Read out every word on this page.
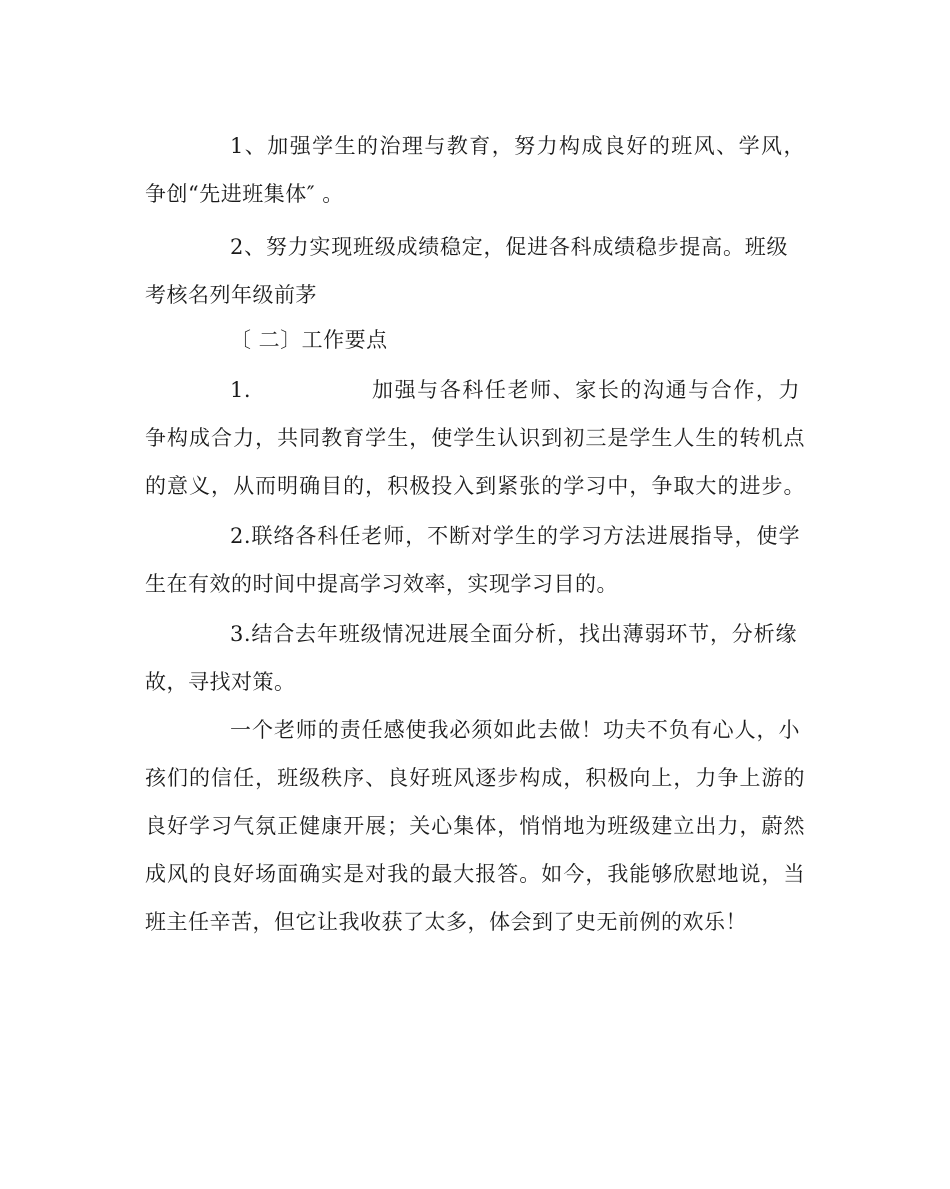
1、加强学生的治理与教育，努力构成良好的班风、学风，
争创“先进班集体″ 。
2、努力实现班级成绩稳定，促进各科成绩稳步提高。班级
考核名列年级前茅
〔 二〕工作要点
1.	加强与各科任老师、家长的沟通与合作，力
争构成合力，共同教育学生，使学生认识到初三是学生人生的转机点
的意义，从而明确目的，积极投入到紧张的学习中，争取大的进步。
2.联络各科任老师，不断对学生的学习方法进展指导，使学
生在有效的时间中提高学习效率，实现学习目的。
3.结合去年班级情况进展全面分析，找出薄弱环节，分析缘
故，寻找对策。
一个老师的责任感使我必须如此去做！功夫不负有心人，小
孩们的信任，班级秩序、良好班风逐步构成，积极向上，力争上游的
良好学习气氛正健康开展；关心集体，悄悄地为班级建立出力，蔚然
成风的良好场面确实是对我的最大报答。如今，我能够欣慰地说，当
班主任辛苦，但它让我收获了太多，体会到了史无前例的欢乐！
